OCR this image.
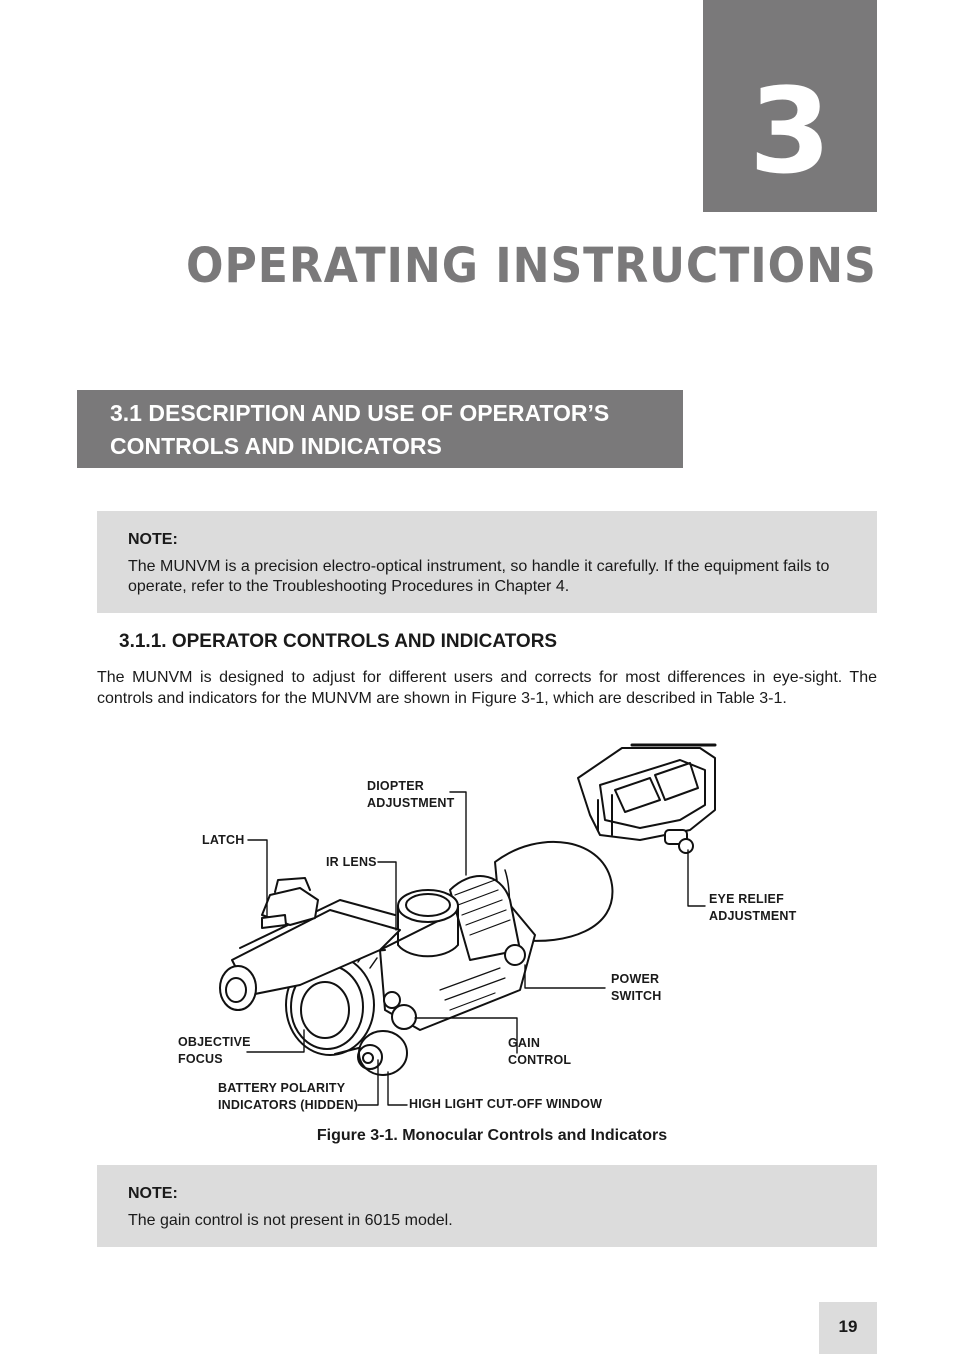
3
OPERATING INSTRUCTIONS
3.1 DESCRIPTION AND USE OF OPERATOR’S CONTROLS AND INDICATORS
NOTE:
The MUNVM is a precision electro-optical instrument, so handle it carefully. If the equipment fails to operate, refer to the Troubleshooting Procedures in Chapter 4.
3.1.1. OPERATOR CONTROLS AND INDICATORS
The MUNVM is designed to adjust for different users and corrects for most differences in eye-sight. The controls and indicators for the MUNVM are shown in Figure 3-1, which are described in Table 3-1.
DIOPTER
ADJUSTMENT
LATCH
IR LENS
EYE RELIEF
ADJUSTMENT
POWER
SWITCH
OBJECTIVE
FOCUS
GAIN
CONTROL
BATTERY POLARITY
INDICATORS (HIDDEN)	HIGH LIGHT CUT-OFF WINDOW
Figure 3-1. Monocular Controls and Indicators
NOTE:
The gain control is not present in 6015 model.
19
